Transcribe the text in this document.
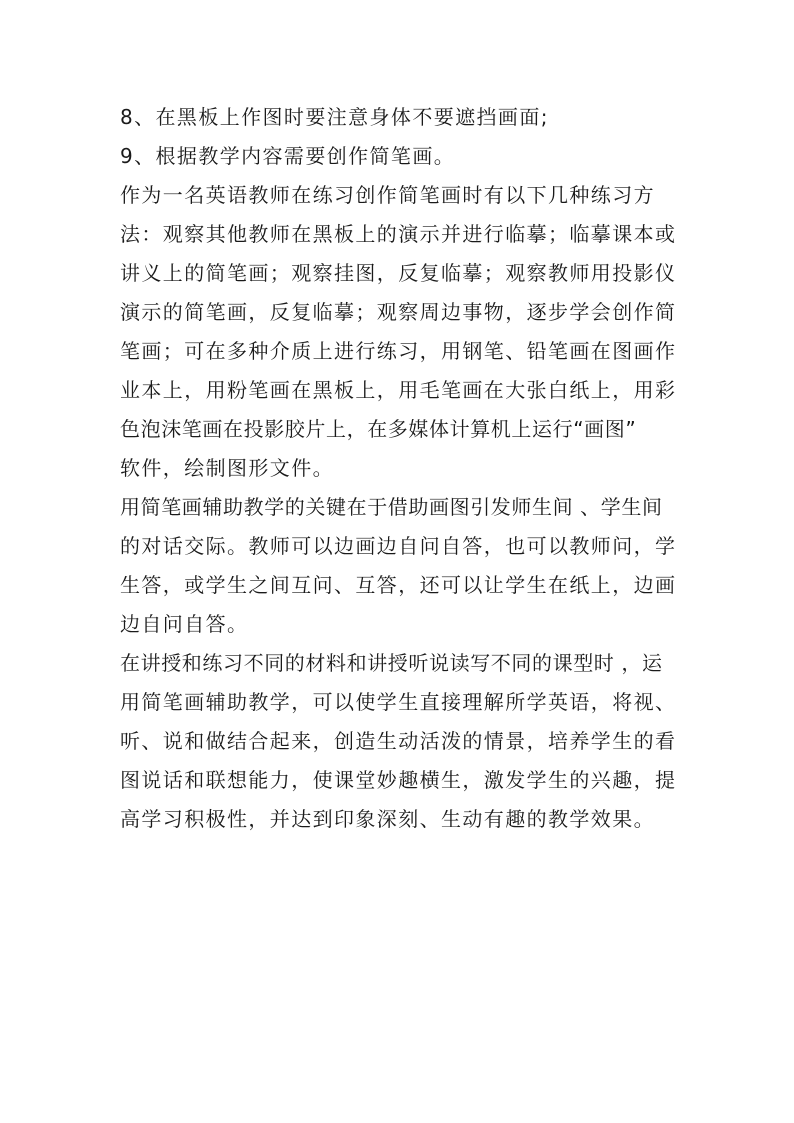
8、在黑板上作图时要注意身体不要遮挡画面;
9、根据教学内容需要创作简笔画。
作为一名英语教师在练习创作简笔画时有以下几种练习方
法：观察其他教师在黑板上的演示并进行临摹；临摹课本或
讲义上的简笔画；观察挂图，反复临摹；观察教师用投影仪
演示的简笔画，反复临摹；观察周边事物，逐步学会创作简
笔画；可在多种介质上进行练习，用钢笔、铅笔画在图画作
业本上，用粉笔画在黑板上，用毛笔画在大张白纸上，用彩
色泡沫笔画在投影胶片上，在多媒体计算机上运行“画图”
软件，绘制图形文件。
用简笔画辅助教学的关键在于借助画图引发师生间 、学生间
的对话交际。教师可以边画边自问自答，也可以教师问，学
生答，或学生之间互问、互答，还可以让学生在纸上，边画
边自问自答。
在讲授和练习不同的材料和讲授听说读写不同的课型时 ，运
用简笔画辅助教学，可以使学生直接理解所学英语，将视、
听、说和做结合起来，创造生动活泼的情景，培养学生的看
图说话和联想能力，使课堂妙趣横生，激发学生的兴趣，提
高学习积极性，并达到印象深刻、生动有趣的教学效果。
